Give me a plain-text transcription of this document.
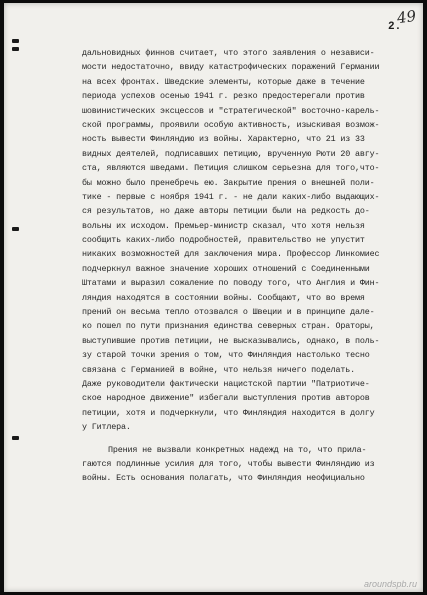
49
2.
дальновидных финнов считает, что этого заявления о независи-
мости недостаточно, ввиду катастрофических поражений Германии
на всех фронтах. Шведские элементы, которые даже в течение
периода успехов осенью 1941 г. резко предостерегали против
шовинистических эксцессов и "стратегической" восточно-карель-
ской программы, проявили особую активность, изыскивая возмож-
ность вывести Финляндию из войны. Характерно, что 21 из 33
видных деятелей, подписавших петицию, врученную Рюти 20 авгу-
ста, являются шведами. Петиция слишком серьезна для того,что-
бы можно было пренебречь ею. Закрытие прения о внешней поли-
тике - первые с ноября 1941 г. - не дали каких-либо выдающих-
ся результатов, но даже авторы петиции были на редкость до-
вольны их исходом. Премьер-министр сказал, что хотя нельзя
сообщить каких-либо подробностей, правительство не упустит
никаких возможностей для заключения мира. Профессор Линкомиес
подчеркнул важное значение хороших отношений с Соединенными
Штатами и выразил сожаление по поводу того, что Англия и Фин-
ляндия находятся в состоянии войны. Сообщают, что во время
прений он весьма тепло отозвался о Швеции и в принципе дале-
ко пошел по пути признания единства северных стран. Ораторы,
выступившие против петиции, не высказывались, однако, в поль-
зу старой точки зрения о том, что Финляндия настолько тесно
связана с Германией в войне, что нельзя ничего поделать.
Даже руководители фактически нацистской партии "Патриотиче-
ское народное движение" избегали выступления против авторов
петиции, хотя и подчеркнули, что Финляндия находится в долгу
у Гитлера.
Прения не вызвали конкретных надежд на то, что прила-
гаются подлинные усилия для того, чтобы вывести Финляндию из
войны. Есть основания полагать, что Финляндия неофициально
aroundspb.ru
